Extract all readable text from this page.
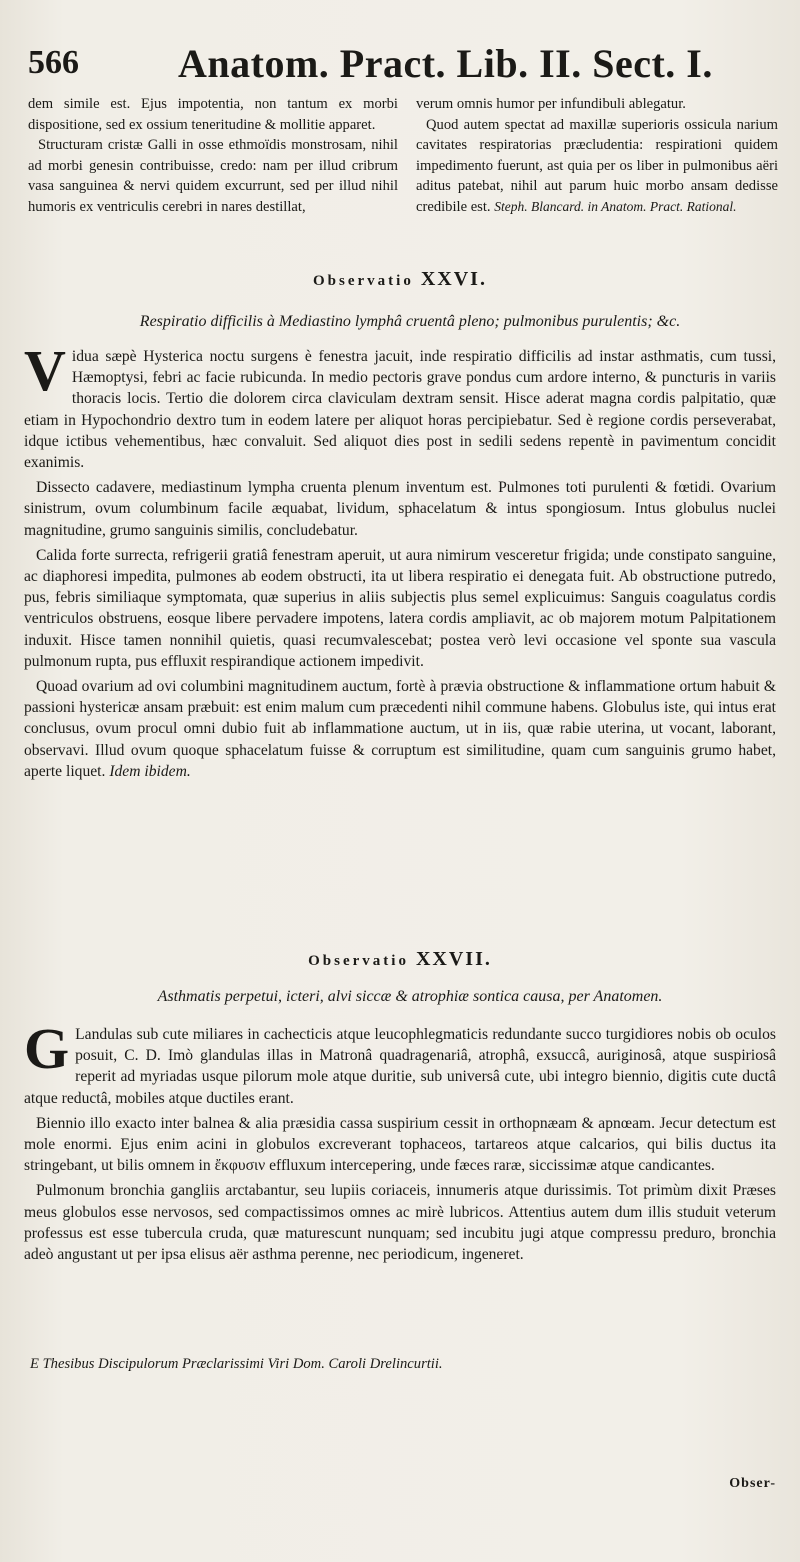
566 Anatom. Pract. Lib. II. Sect. I.

dem simile est. Ejus impotentia, non tantum ex morbi dispositione, sed ex ossium teneritudine & mollitie apparet.

Structuram cristæ Galli in osse ethmoïdis monstrosam, nihil ad morbi genesin contribuisse, credo: nam per illud cribrum vasa sanguinea & nervi quidem excurrunt, sed per illud nihil humoris ex ventriculis cerebri in nares destillat,

verum omnis humor per infundibuli ablegatur.

Quod autem spectat ad maxillæ superioris ossicula narium cavitates respiratorias præcludentia: respirationi quidem impedimento fuerunt, ast quia per os liber in pulmonibus aëri aditus patebat, nihil aut parum huic morbo ansam dedisse credibile est. Steph. Blancard. in Anatom. Pract. Rational.

Observatio XXVI.
Respiratio difficilis à Mediastino lymphâ cruentâ pleno; pulmonibus purulentis; &c.

Vidua sæpè Hysterica noctu surgens è fenestra jacuit, inde respiratio difficilis ad instar asthmatis, cum tussi, Hæmoptysi, febri ac facie rubicunda. In medio pectoris grave pondus cum ardore interno, & puncturis in variis thoracis locis. Tertio die dolorem circa claviculam dextram sensit. Hisce aderat magna cordis palpitatio, quæ etiam in Hypochondrio dextro tum in eodem latere per aliquot horas percipiebatur. Sed è regione cordis perseverabat, idque ictibus vehementibus, hæc convaluit. Sed aliquot dies post in sedili sedens repentè in pavimentum concidit exanimis.

Dissecto cadavere, mediastinum lympha cruenta plenum inventum est. Pulmones toti purulenti & fœtidi. Ovarium sinistrum, ovum columbinum facile æquabat, lividum, sphacelatum & intus spongiosum. Intus globulus nuclei magnitudine, grumo sanguinis similis, concludebatur.

Calida forte surrecta, refrigerii gratiâ fenestram aperuit, ut aura nimirum vesceretur frigida; unde constipato sanguine, ac diaphoresi impedita, pulmones ab eodem obstructi, ita ut libera respiratio ei denegata fuit. Ab obstructione putredo, pus, febris similiaque symptomata, quæ superius in aliis subjectis plus semel explicuimus: Sanguis coagulatus cordis ventriculos obstruens, eosque libere pervadere impotens, latera cordis ampliavit, ac ob majorem motum Palpitationem induxit. Hisce tamen nonnihil quietis, quasi recumvalescebat; postea verò levi occasione vel sponte sua vascula pulmonum rupta, pus effluxit respirandique actionem impedivit.

Quoad ovarium ad ovi columbini magnitudinem auctum, fortè à prævia obstructione & inflammatione ortum habuit & passioni hystericæ ansam præbuit: est enim malum cum præcedenti nihil commune habens. Globulus iste, qui intus erat conclusus, ovum procul omni dubio fuit ab inflammatione auctum, ut in iis, quæ rabie uterina, ut vocant, laborant, observavi. Illud ovum quoque sphacelatum fuisse & corruptum est similitudine, quam cum sanguinis grumo habet, aperte liquet. Idem ibidem.

Observatio XXVII.
Asthmatis perpetui, icteri, alvi siccæ & atrophiæ sontica causa, per Anatomen.

G Landulas sub cute miliares in cachecticis atque leucophlegmaticis redundante succo turgidiores nobis ob oculos posuit, C. D. Imò glandulas illas in Matronâ quadragenariâ, atrophâ, exsuccâ, auriginosâ, atque suspiriosâ reperit ad myriadas usque pilorum mole atque duritie, sub universâ cute, ubi integro biennio, digitis cute ductâ atque reductâ, mobiles atque ductiles erant.

Biennio illo exacto inter balnea & alia præsidia cassa suspirium cessit in orthopnæam & apnœam. Jecur detectum est mole enormi. Ejus enim acini in globulos excreverant tophaceos, tartareos atque calcarios, qui bilis ductus ita stringebant, ut bilis omnem in ἔκφυσιν effluxum intercepering, unde fæces raræ, siccissimæ atque candicantes.

Pulmonum bronchia gangliis arctabantur, seu lupiis coriaceis, innumeris atque durissimis. Tot primùm dixit Præses meus globulos esse nervosos, sed compactissimos omnes ac mirè lubricos. Attentius autem dum illis studuit veterum professus est esse tubercula cruda, quæ maturescunt nunquam; sed incubitu jugi atque compressu preduro, bronchia adeò angustant ut per ipsa elisus aër asthma perenne, nec periodicum, ingeneret.

E Thesibus Discipulorum Præclarissimi Viri Dom. Caroli Drelincurtii.
Obser-
